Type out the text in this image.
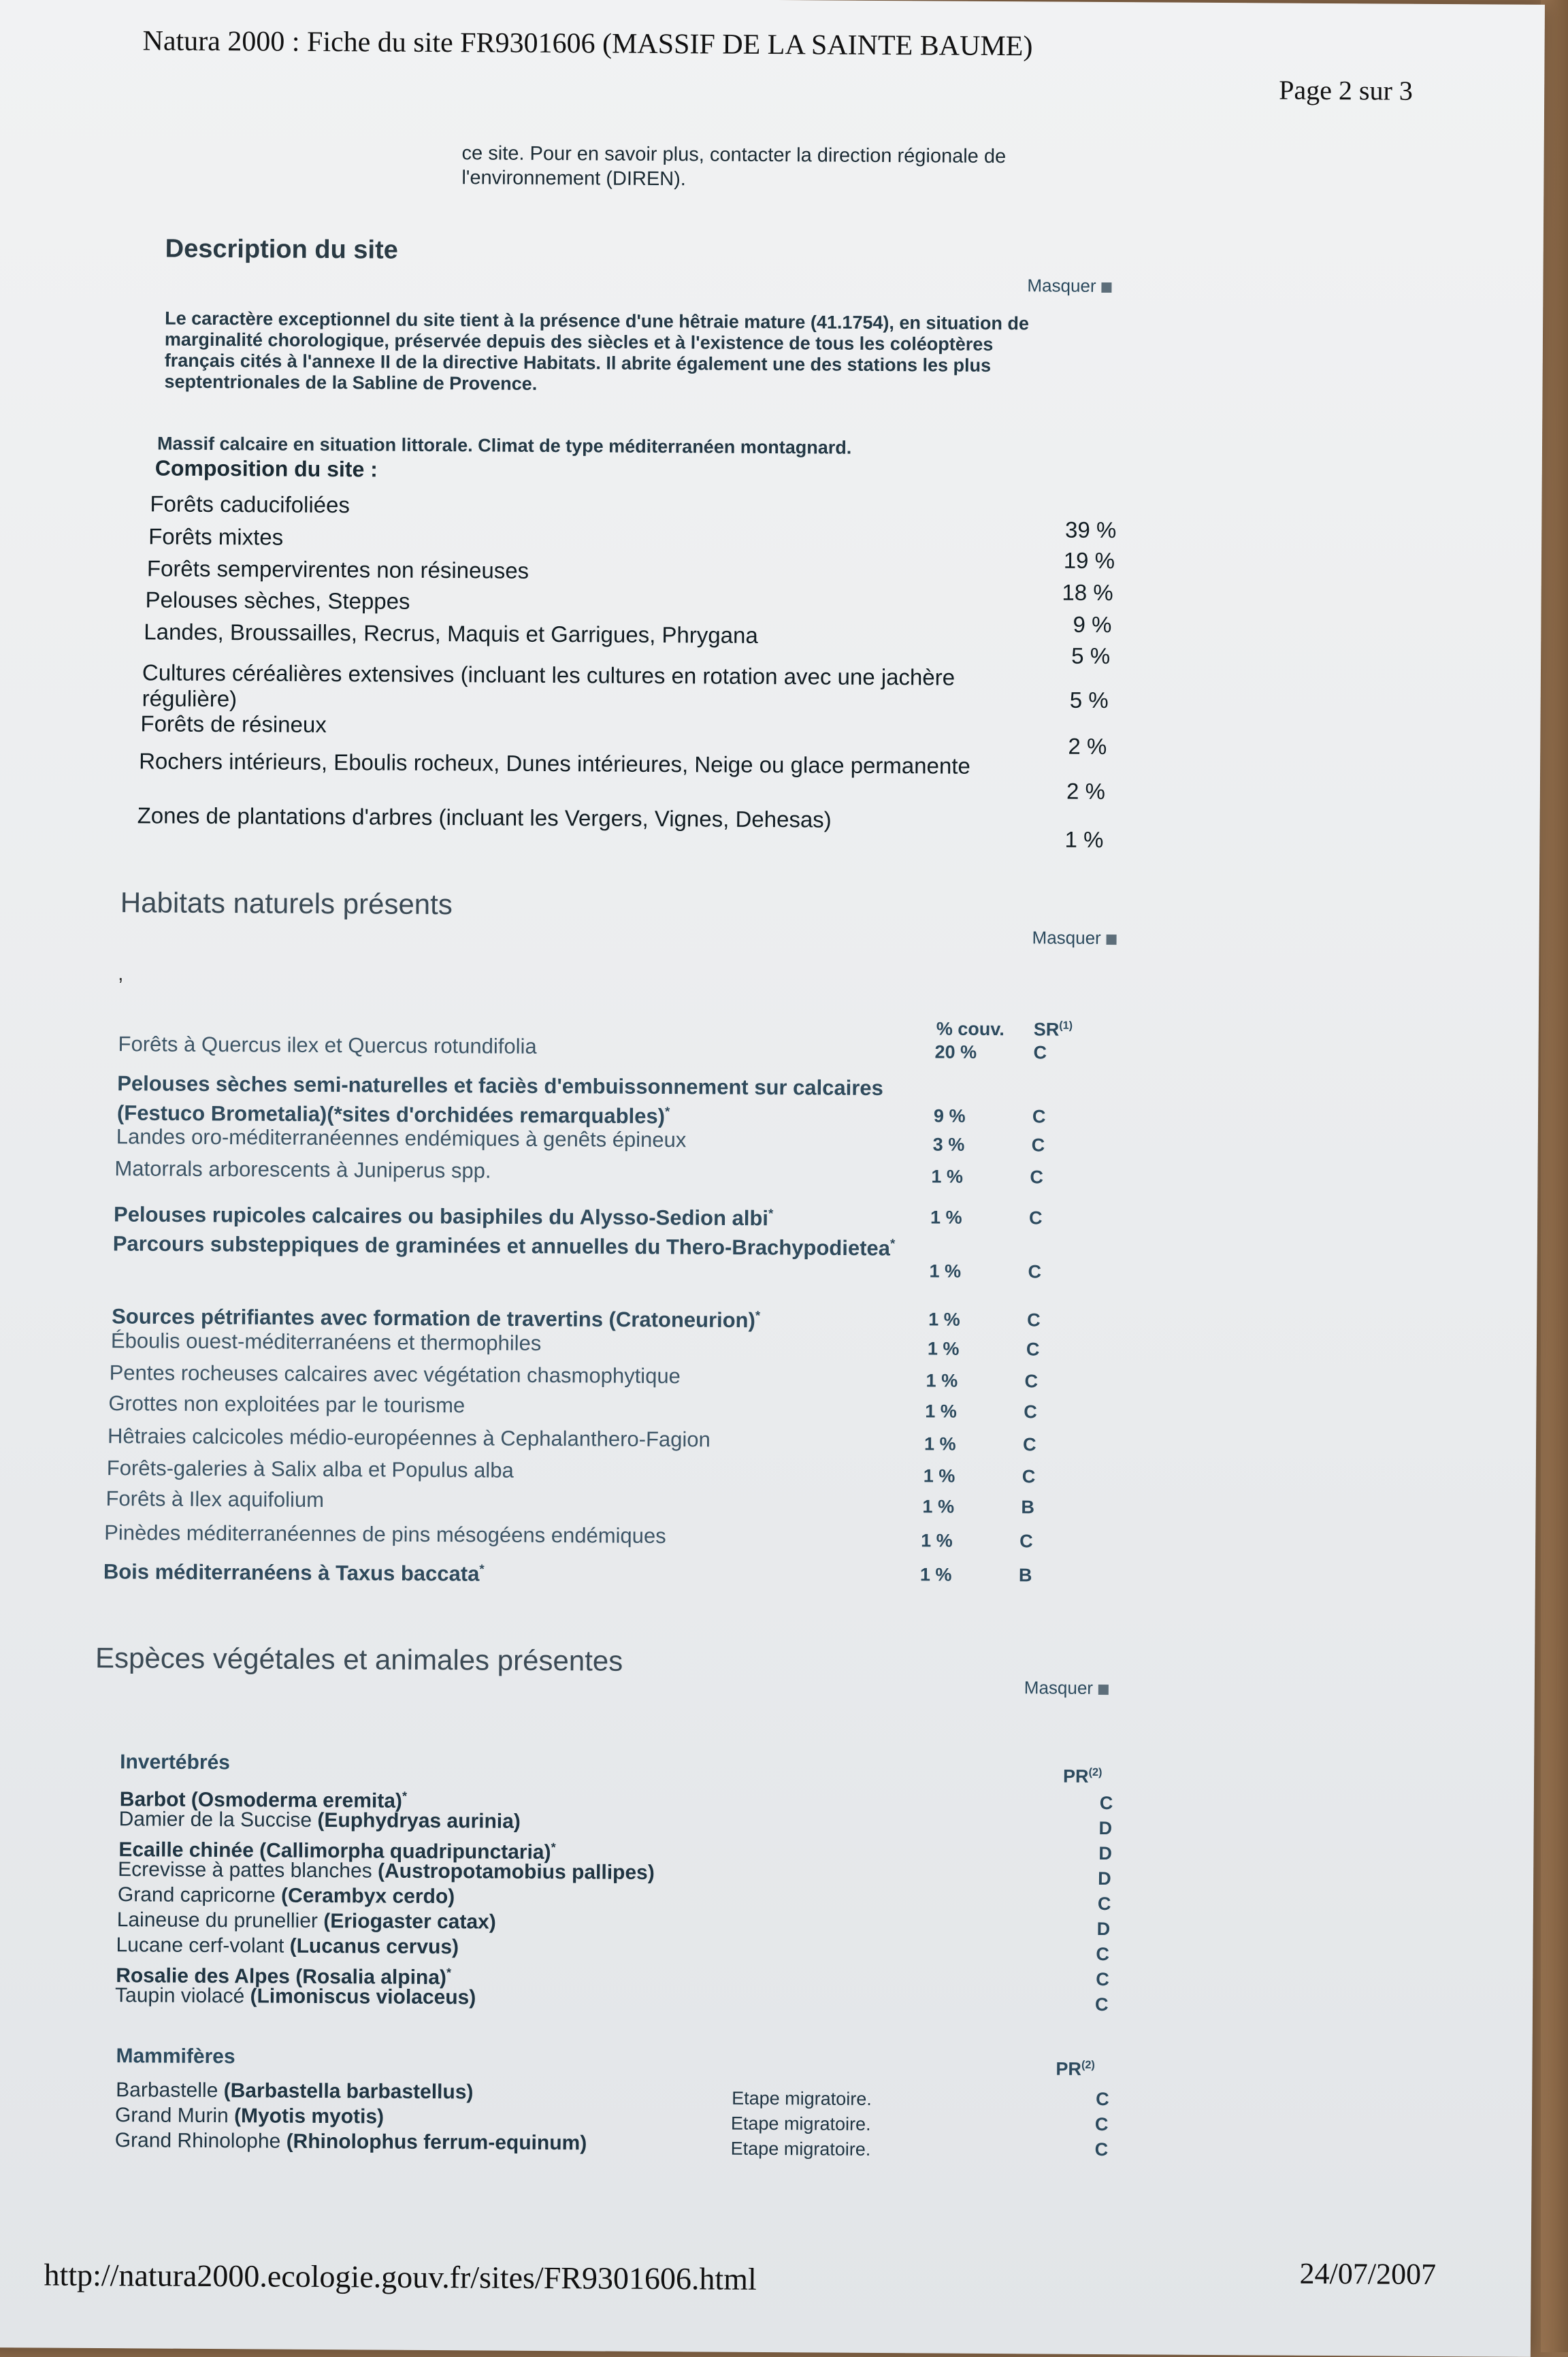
Natura 2000 : Fiche du site FR9301606 (MASSIF DE LA SAINTE BAUME)
Page 2 sur 3
ce site. Pour en savoir plus, contacter la direction régionale de
l'environnement (DIREN).
Description du site
Masquer
Le caractère exceptionnel du site tient à la présence d'une hêtraie mature (41.1754), en situation de
marginalité chorologique, préservée depuis des siècles et à l'existence de tous les coléoptères
français cités à l'annexe II de la directive Habitats. Il abrite également une des stations les plus
septentrionales de la Sabline de Provence.
Massif calcaire en situation littorale. Climat de type méditerranéen montagnard.
Composition du site :
Forêts caducifoliées
39 %
Forêts mixtes
19 %
Forêts sempervirentes non résineuses
18 %
Pelouses sèches, Steppes
9 %
Landes, Broussailles, Recrus, Maquis et Garrigues, Phrygana
5 %
Cultures céréalières extensives (incluant les cultures en rotation avec une jachère régulière)	5 %
Forêts de résineux
2 %
Rochers intérieurs, Eboulis rocheux, Dunes intérieures, Neige ou glace permanente
2 %
Zones de plantations d'arbres (incluant les Vergers, Vignes, Dehesas)
1 %
Habitats naturels présents
Masquer
,
% couv. SR$^{(1)}$
Forêts à Quercus ilex et Quercus rotundifolia	20 %	C
Pelouses sèches semi-naturelles et faciès d'embuissonnement sur calcaires (Festuco Brometalia)(*sites d'orchidées remarquables)*	9 %	C
Landes oro-méditerranéennes endémiques à genêts épineux	3 %	C
Matorrals arborescents à Juniperus spp.	1 %	C
Pelouses rupicoles calcaires ou basiphiles du Alysso-Sedion albi*	1 %	C
Parcours substeppiques de graminées et annuelles du Thero-Brachypodietea*
1 %	C
Sources pétrifiantes avec formation de travertins (Cratoneurion)*	1 %	C
Éboulis ouest-méditerranéens et thermophiles	1 %	C
Pentes rocheuses calcaires avec végétation chasmophytique	1 %	C
Grottes non exploitées par le tourisme	1 %	C
Hêtraies calcicoles médio-européennes à Cephalanthero-Fagion	1 %	C
Forêts-galeries à Salix alba et Populus alba	1 %	C
Forêts à Ilex aquifolium	1 %	B
Pinèdes méditerranéennes de pins mésogéens endémiques	1 %	C
Bois méditerranéens à Taxus baccata*	1 %	B
Espèces végétales et animales présentes
Masquer
Invertébrés
PR$^{(2)}$
Barbot (Osmoderma eremita)*	C
Damier de la Succise (Euphydryas aurinia)	D
Ecaille chinée (Callimorpha quadripunctaria)*	D
Ecrevisse à pattes blanches (Austropotamobius pallipes)	D
Grand capricorne (Cerambyx cerdo)	C
Laineuse du prunellier (Eriogaster catax)	D
Lucane cerf-volant (Lucanus cervus)	C
Rosalie des Alpes (Rosalia alpina)*	C
Taupin violacé (Limoniscus violaceus)	C
Mammifères
PR$^{(2)}$
Barbastelle (Barbastella barbastellus)	Etape migratoire.	C
Grand Murin (Myotis myotis)	Etape migratoire.	C
Grand Rhinolophe (Rhinolophus ferrum-equinum)	Etape migratoire.	C
http://natura2000.ecologie.gouv.fr/sites/FR9301606.html	24/07/2007
